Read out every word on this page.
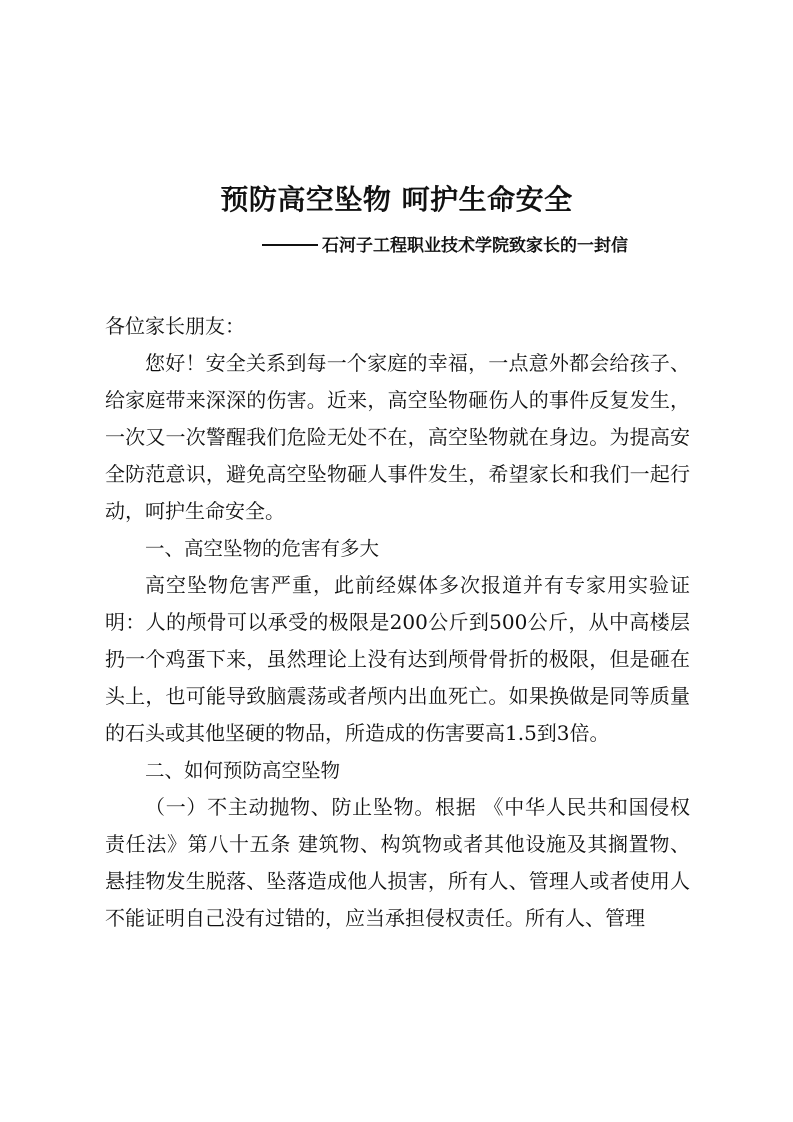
预防高空坠物 呵护生命安全
石河子工程职业技术学院致家长的一封信

各位家长朋友：

您好！安全关系到每一个家庭的幸福，一点意外都会给孩子、给家庭带来深深的伤害。近来，高空坠物砸伤人的事件反复发生，一次又一次警醒我们危险无处不在，高空坠物就在身边。为提高安全防范意识，避免高空坠物砸人事件发生，希望家长和我们一起行动，呵护生命安全。

一、高空坠物的危害有多大

高空坠物危害严重，此前经媒体多次报道并有专家用实验证明：人的颅骨可以承受的极限是200公斤到500公斤，从中高楼层扔一个鸡蛋下来，虽然理论上没有达到颅骨骨折的极限，但是砸在头上，也可能导致脑震荡或者颅内出血死亡。如果换做是同等质量的石头或其他坚硬的物品，所造成的伤害要高1.5到3倍。

二、如何预防高空坠物

（一）不主动抛物、防止坠物。根据 《中华人民共和国侵权责任法》第八十五条 建筑物、构筑物或者其他设施及其搁置物、悬挂物发生脱落、坠落造成他人损害，所有人、管理人或者使用人不能证明自己没有过错的，应当承担侵权责任。所有人、管理
